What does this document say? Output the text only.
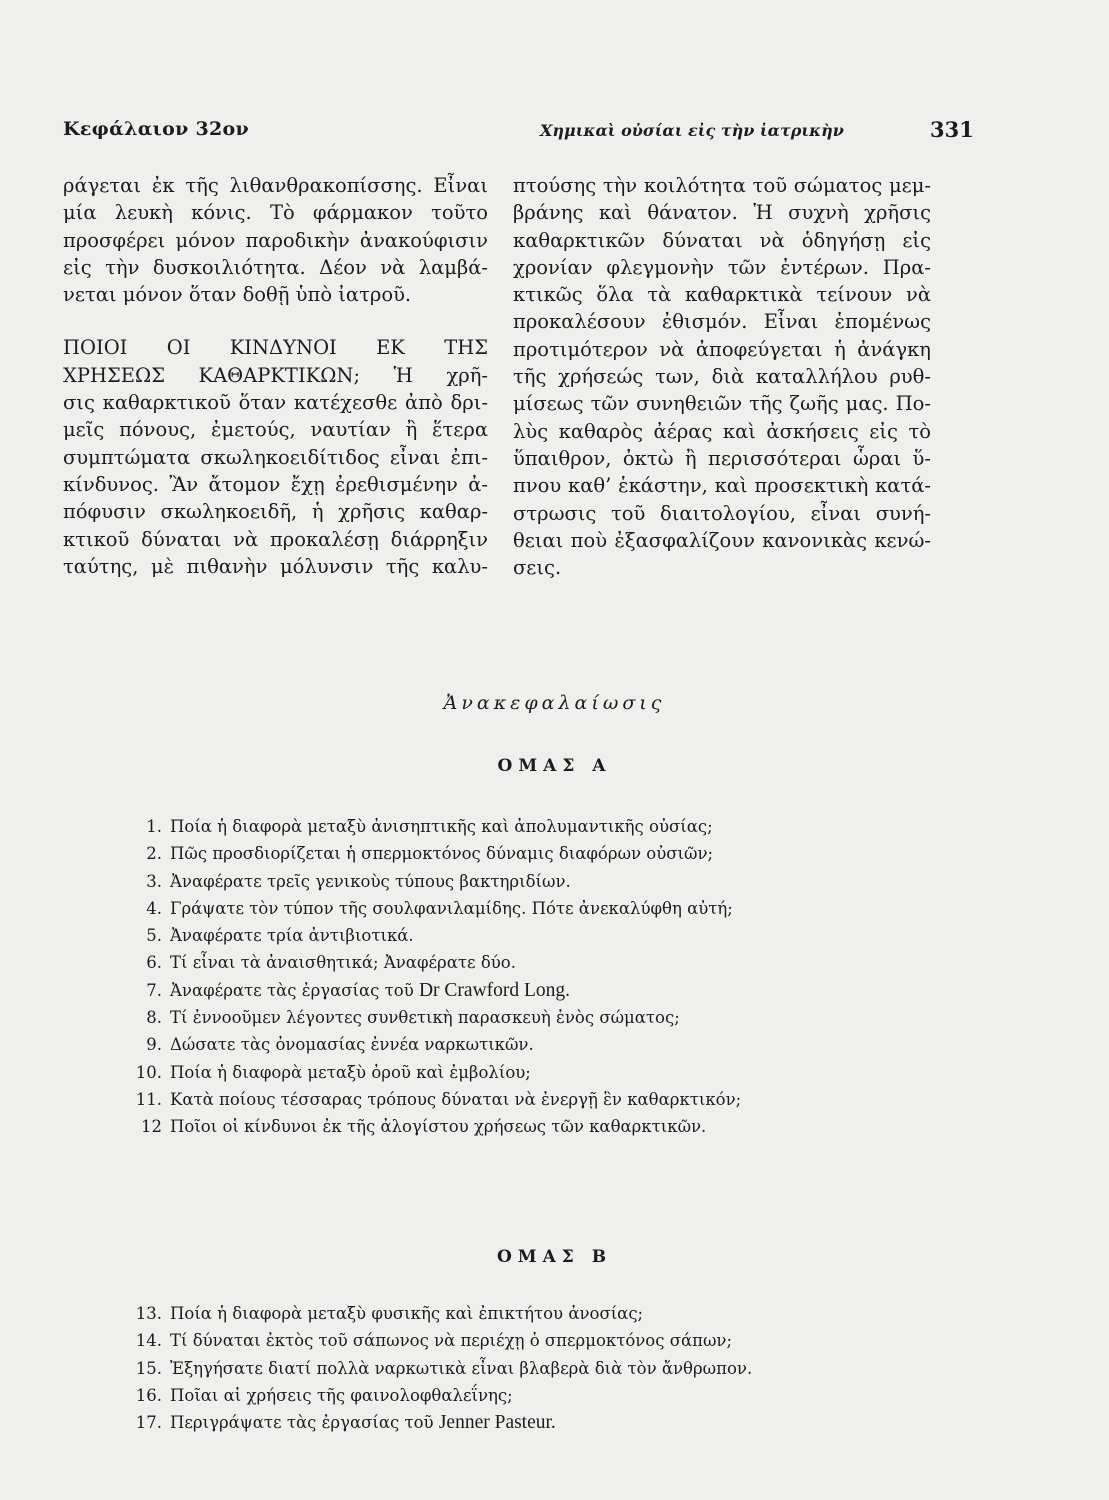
Κεφάλαιον 32ον	Χημικαὶ οὐσίαι εἰς τὴν ἰατρικὴν	331

ράγεται ἐκ τῆς λιθανθρακοπίσσης. Εἶναι
μία λευκὴ κόνις. Τὸ φάρμακον τοῦτο
προσφέρει μόνον παροδικὴν ἀνακούφισιν
εἰς τὴν δυσκοιλιότητα. Δέον νὰ λαμβά-
νεται μόνον ὅταν δοθῇ ὑπὸ ἰατροῦ.

ΠΟΙΟΙ ΟΙ ΚΙΝΔΥΝΟΙ ΕΚ ΤΗΣ
ΧΡΗΣΕΩΣ ΚΑΘΑΡΚΤΙΚΩΝ; Ἡ χρῆ-
σις καθαρκτικοῦ ὅταν κατέχεσθε ἀπὸ δρι-
μεῖς πόνους, ἐμετούς, ναυτίαν ἢ ἕτερα
συμπτώματα σκωληκοειδίτιδος εἶναι ἐπι-
κίνδυνος. Ἂν ἄτομον ἔχῃ ἐρεθισμένην ἀ-
πόφυσιν σκωληκοειδῆ, ἡ χρῆσις καθαρ-
κτικοῦ δύναται νὰ προκαλέσῃ διάρρηξιν
ταύτης, μὲ πιθανὴν μόλυνσιν τῆς καλυ-

πτούσης τὴν κοιλότητα τοῦ σώματος μεμ-
βράνης καὶ θάνατον. Ἡ συχνὴ χρῆσις
καθαρκτικῶν δύναται νὰ ὁδηγήσῃ εἰς
χρονίαν φλεγμονὴν τῶν ἐντέρων. Πρα-
κτικῶς ὅλα τὰ καθαρκτικὰ τείνουν νὰ
προκαλέσουν ἐθισμόν. Εἶναι ἑπομένως
προτιμότερον νὰ ἀποφεύγεται ἡ ἀνάγκη
τῆς χρήσεώς των, διὰ καταλλήλου ρυθ-
μίσεως τῶν συνηθειῶν τῆς ζωῆς μας. Πο-
λὺς καθαρὸς ἀέρας καὶ ἀσκήσεις εἰς τὸ
ὕπαιθρον, ὀκτὼ ἢ περισσότεραι ὧραι ὕ-
πνου καθ’ ἑκάστην, καὶ προσεκτικὴ κατά-
στρωσις τοῦ διαιτολογίου, εἶναι συνή-
θειαι ποὺ ἐξασφαλίζουν κανονικὰς κενώ-
σεις.

Ἀνακεφαλαίωσις
ΟΜΑΣ Α
1. Ποία ἡ διαφορὰ μεταξὺ ἀνισηπτικῆς καὶ ἀπολυμαντικῆς οὐσίας;
2. Πῶς προσδιορίζεται ἡ σπερμοκτόνος δύναμις διαφόρων οὐσιῶν;
3. Ἀναφέρατε τρεῖς γενικοὺς τύπους βακτηριδίων.
4. Γράψατε τὸν τύπον τῆς σουλφανιλαμίδης. Πότε ἀνεκαλύφθη αὐτή;
5. Ἀναφέρατε τρία ἀντιβιοτικά.
6. Τί εἶναι τὰ ἀναισθητικά; Ἀναφέρατε δύο.
7. Ἀναφέρατε τὰς ἐργασίας τοῦ Dr Crawford Long.
8. Τί ἐννοοῦμεν λέγοντες συνθετικὴ παρασκευὴ ἑνὸς σώματος;
9. Δώσατε τὰς ὀνομασίας ἐννέα ναρκωτικῶν.
10. Ποία ἡ διαφορὰ μεταξὺ ὀροῦ καὶ ἐμβολίου;
11. Κατὰ ποίους τέσσαρας τρόπους δύναται νὰ ἐνεργῇ ἓν καθαρκτικόν;
12 Ποῖοι οἱ κίνδυνοι ἐκ τῆς ἀλογίστου χρήσεως τῶν καθαρκτικῶν.
ΟΜΑΣ Β
13. Ποία ἡ διαφορὰ μεταξὺ φυσικῆς καὶ ἐπικτήτου ἀνοσίας;
14. Τί δύναται ἐκτὸς τοῦ σάπωνος νὰ περιέχῃ ὁ σπερμοκτόνος σάπων;
15. Ἐξηγήσατε διατί πολλὰ ναρκωτικὰ εἶναι βλαβερὰ διὰ τὸν ἄνθρωπον.
16. Ποῖαι αἱ χρήσεις τῆς φαινολοφθαλεΐνης;
17. Περιγράψατε τὰς ἐργασίας τοῦ Jenner Pasteur.
